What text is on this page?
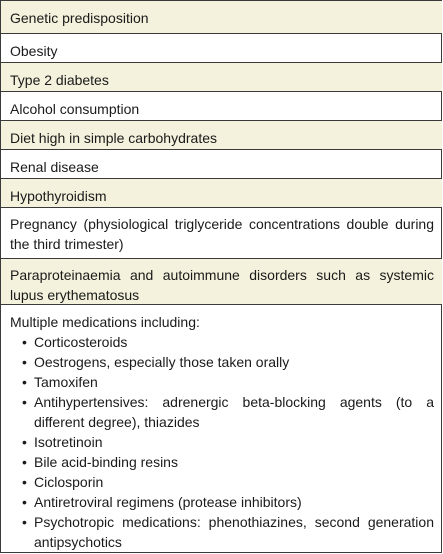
Genetic predisposition
Obesity
Type 2 diabetes
Alcohol consumption
Diet high in simple carbohydrates
Renal disease
Hypothyroidism
Pregnancy (physiological triglyceride concentrations double during the third trimester)
Paraproteinaemia and autoimmune disorders such as systemic lupus erythematosus
Multiple medications including:
• Corticosteroids
• Oestrogens, especially those taken orally
• Tamoxifen
• Antihypertensives: adrenergic beta-blocking agents (to a different degree), thiazides
• Isotretinoin
• Bile acid-binding resins
• Ciclosporin
• Antiretroviral regimens (protease inhibitors)
• Psychotropic medications: phenothiazines, second generation antipsychotics
